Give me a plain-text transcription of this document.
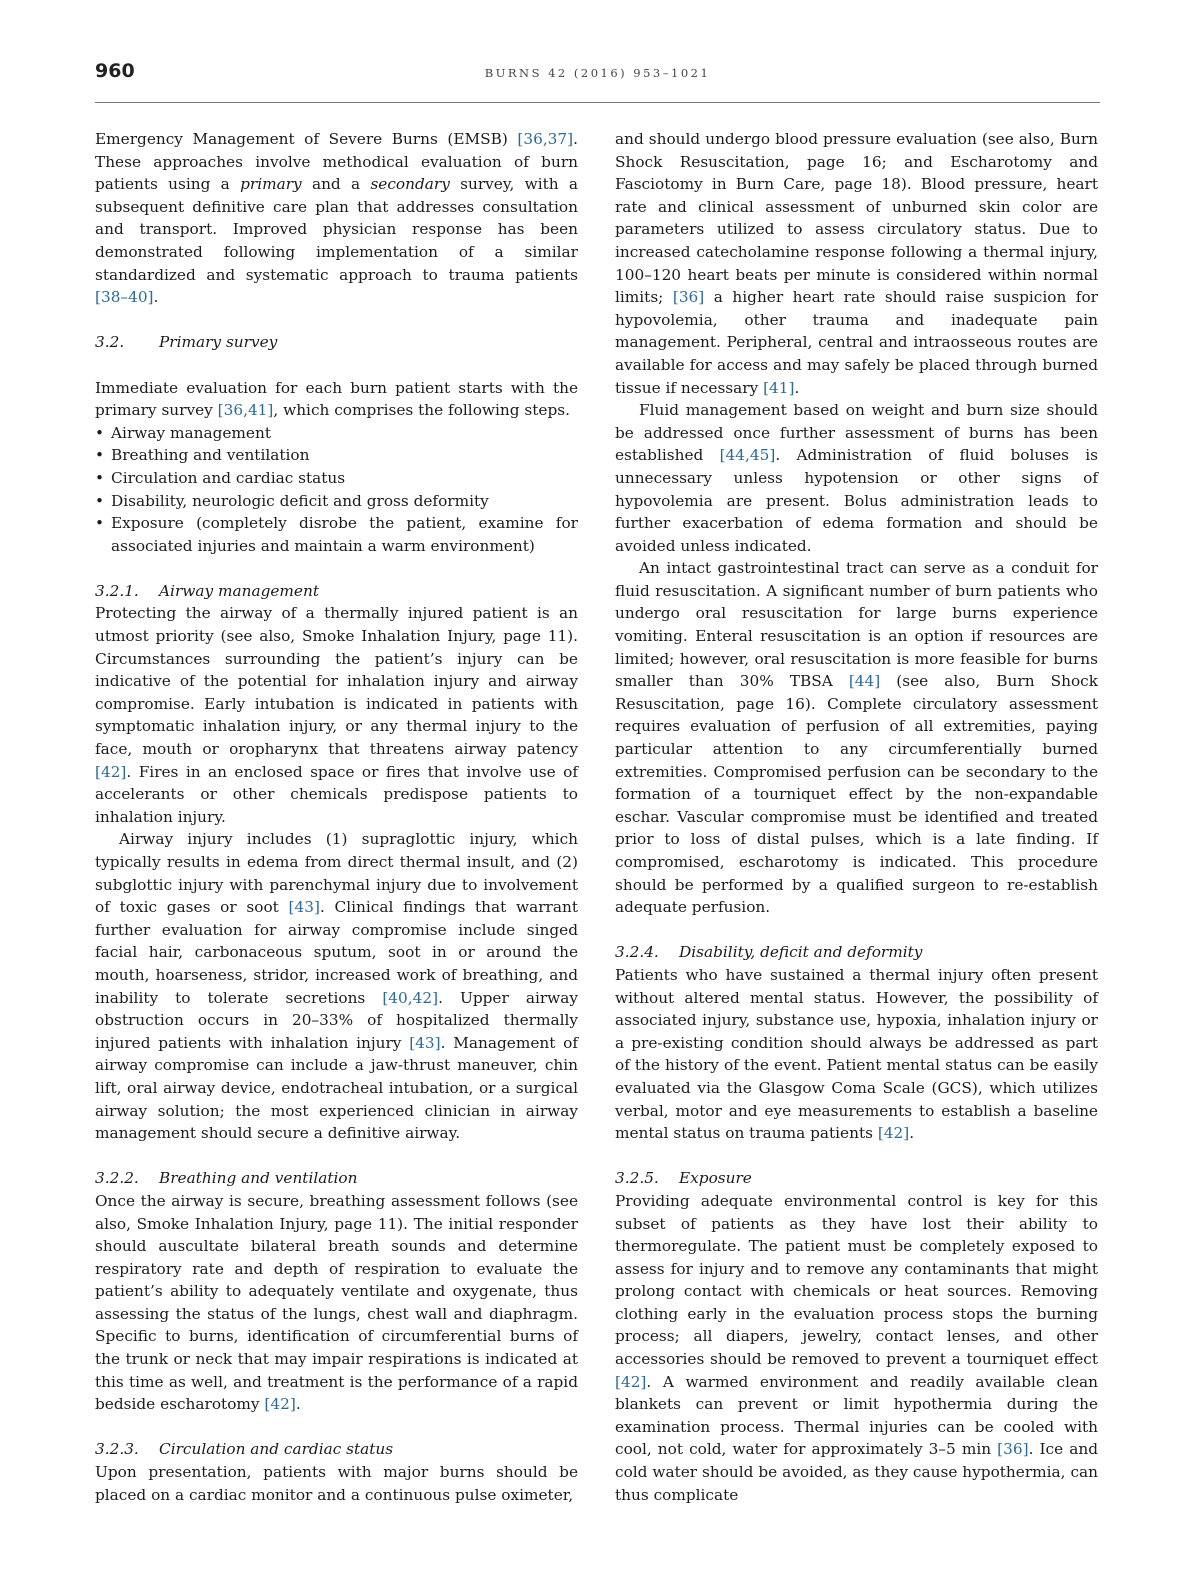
960	BURNS 42 (2016) 953–1021

Emergency Management of Severe Burns (EMSB) [36,37]. These approaches involve methodical evaluation of burn patients using a primary and a secondary survey, with a subsequent definitive care plan that addresses consultation and transport. Improved physician response has been demonstrated following implementation of a similar standardized and systematic approach to trauma patients [38–40].

3.2. Primary survey

Immediate evaluation for each burn patient starts with the primary survey [36,41], which comprises the following steps.

• Airway management
• Breathing and ventilation
• Circulation and cardiac status
• Disability, neurologic deficit and gross deformity
• Exposure (completely disrobe the patient, examine for associated injuries and maintain a warm environment)
3.2.1. Airway management

Protecting the airway of a thermally injured patient is an utmost priority (see also, Smoke Inhalation Injury, page 11). Circumstances surrounding the patient’s injury can be indicative of the potential for inhalation injury and airway compromise. Early intubation is indicated in patients with symptomatic inhalation injury, or any thermal injury to the face, mouth or oropharynx that threatens airway patency [42]. Fires in an enclosed space or fires that involve use of accelerants or other chemicals predispose patients to inhalation injury.

Airway injury includes (1) supraglottic injury, which typically results in edema from direct thermal insult, and (2) subglottic injury with parenchymal injury due to involvement of toxic gases or soot [43]. Clinical findings that warrant further evaluation for airway compromise include singed facial hair, carbonaceous sputum, soot in or around the mouth, hoarseness, stridor, increased work of breathing, and inability to tolerate secretions [40,42]. Upper airway obstruction occurs in 20–33% of hospitalized thermally injured patients with inhalation injury [43]. Management of airway compromise can include a jaw-thrust maneuver, chin lift, oral airway device, endotracheal intubation, or a surgical airway solution; the most experienced clinician in airway management should secure a definitive airway.

3.2.2. Breathing and ventilation

Once the airway is secure, breathing assessment follows (see also, Smoke Inhalation Injury, page 11). The initial responder should auscultate bilateral breath sounds and determine respiratory rate and depth of respiration to evaluate the patient’s ability to adequately ventilate and oxygenate, thus assessing the status of the lungs, chest wall and diaphragm. Specific to burns, identification of circumferential burns of the trunk or neck that may impair respirations is indicated at this time as well, and treatment is the performance of a rapid bedside escharotomy [42].

3.2.3. Circulation and cardiac status

Upon presentation, patients with major burns should be placed on a cardiac monitor and a continuous pulse oximeter,

and should undergo blood pressure evaluation (see also, Burn Shock Resuscitation, page 16; and Escharotomy and Fasciotomy in Burn Care, page 18). Blood pressure, heart rate and clinical assessment of unburned skin color are parameters utilized to assess circulatory status. Due to increased catecholamine response following a thermal injury, 100–120 heart beats per minute is considered within normal limits; [36] a higher heart rate should raise suspicion for hypovolemia, other trauma and inadequate pain management. Peripheral, central and intraosseous routes are available for access and may safely be placed through burned tissue if necessary [41].

Fluid management based on weight and burn size should be addressed once further assessment of burns has been established [44,45]. Administration of fluid boluses is unnecessary unless hypotension or other signs of hypovolemia are present. Bolus administration leads to further exacerbation of edema formation and should be avoided unless indicated.

An intact gastrointestinal tract can serve as a conduit for fluid resuscitation. A significant number of burn patients who undergo oral resuscitation for large burns experience vomiting. Enteral resuscitation is an option if resources are limited; however, oral resuscitation is more feasible for burns smaller than 30% TBSA [44] (see also, Burn Shock Resuscitation, page 16). Complete circulatory assessment requires evaluation of perfusion of all extremities, paying particular attention to any circumferentially burned extremities. Compromised perfusion can be secondary to the formation of a tourniquet effect by the non-expandable eschar. Vascular compromise must be identified and treated prior to loss of distal pulses, which is a late finding. If compromised, escharotomy is indicated. This procedure should be performed by a qualified surgeon to re-establish adequate perfusion.

3.2.4. Disability, deficit and deformity

Patients who have sustained a thermal injury often present without altered mental status. However, the possibility of associated injury, substance use, hypoxia, inhalation injury or a pre-existing condition should always be addressed as part of the history of the event. Patient mental status can be easily evaluated via the Glasgow Coma Scale (GCS), which utilizes verbal, motor and eye measurements to establish a baseline mental status on trauma patients [42].

3.2.5. Exposure

Providing adequate environmental control is key for this subset of patients as they have lost their ability to thermoregulate. The patient must be completely exposed to assess for injury and to remove any contaminants that might prolong contact with chemicals or heat sources. Removing clothing early in the evaluation process stops the burning process; all diapers, jewelry, contact lenses, and other accessories should be removed to prevent a tourniquet effect [42]. A warmed environment and readily available clean blankets can prevent or limit hypothermia during the examination process. Thermal injuries can be cooled with cool, not cold, water for approximately 3–5 min [36]. Ice and cold water should be avoided, as they cause hypothermia, can thus complicate
